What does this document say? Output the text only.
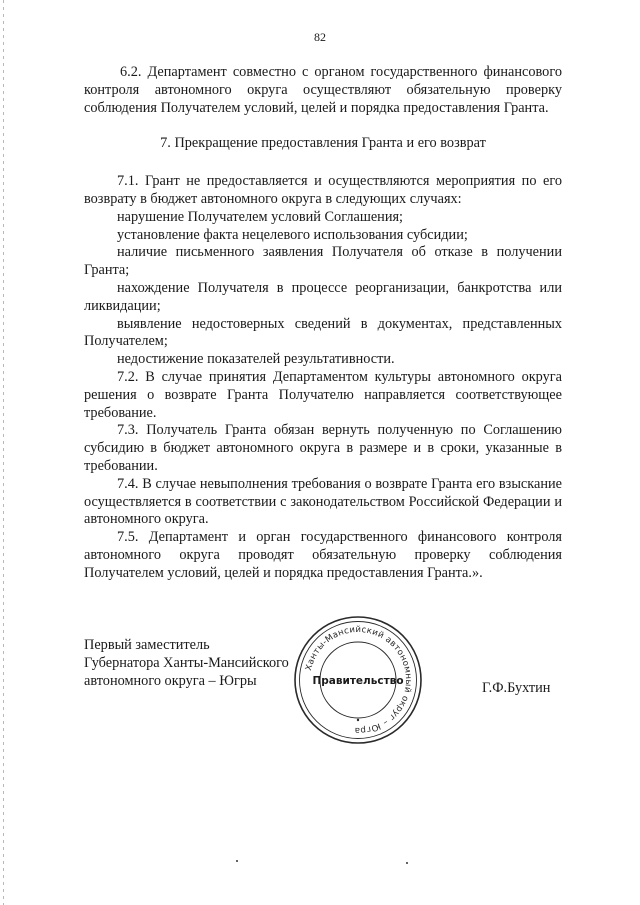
82

6.2. Департамент совместно с органом государственного финансового контроля автономного округа осуществляют обязательную проверку соблюдения Получателем условий, целей и порядка предоставления Гранта.

7. Прекращение предоставления Гранта и его возврат

7.1. Грант не предоставляется и осуществляются мероприятия по его возврату в бюджет автономного округа в следующих случаях:

нарушение Получателем условий Соглашения;

установление факта нецелевого использования субсидии;

наличие письменного заявления Получателя об отказе в получении Гранта;

нахождение Получателя в процессе реорганизации, банкротства или ликвидации;

выявление недостоверных сведений в документах, представленных Получателем;

недостижение показателей результативности.

7.2. В случае принятия Департаментом культуры автономного округа решения о возврате Гранта Получателю направляется соответствующее требование.

7.3. Получатель Гранта обязан вернуть полученную по Соглашению субсидию в бюджет автономного округа в размере и в сроки, указанные в требовании.

7.4. В случае невыполнения требования о возврате Гранта его взыскание осуществляется в соответствии с законодательством Российской Федерации и автономного округа.

7.5. Департамент и орган государственного финансового контроля автономного округа проводят обязательную проверку соблюдения Получателем условий, целей и порядка предоставления Гранта.».

Первый заместитель
Губернатора Ханты-Мансийского
автономного округа – Югры
Ханты-Мансийский автономный округ – Югра
Правительство	Г.Ф.Бухтин
